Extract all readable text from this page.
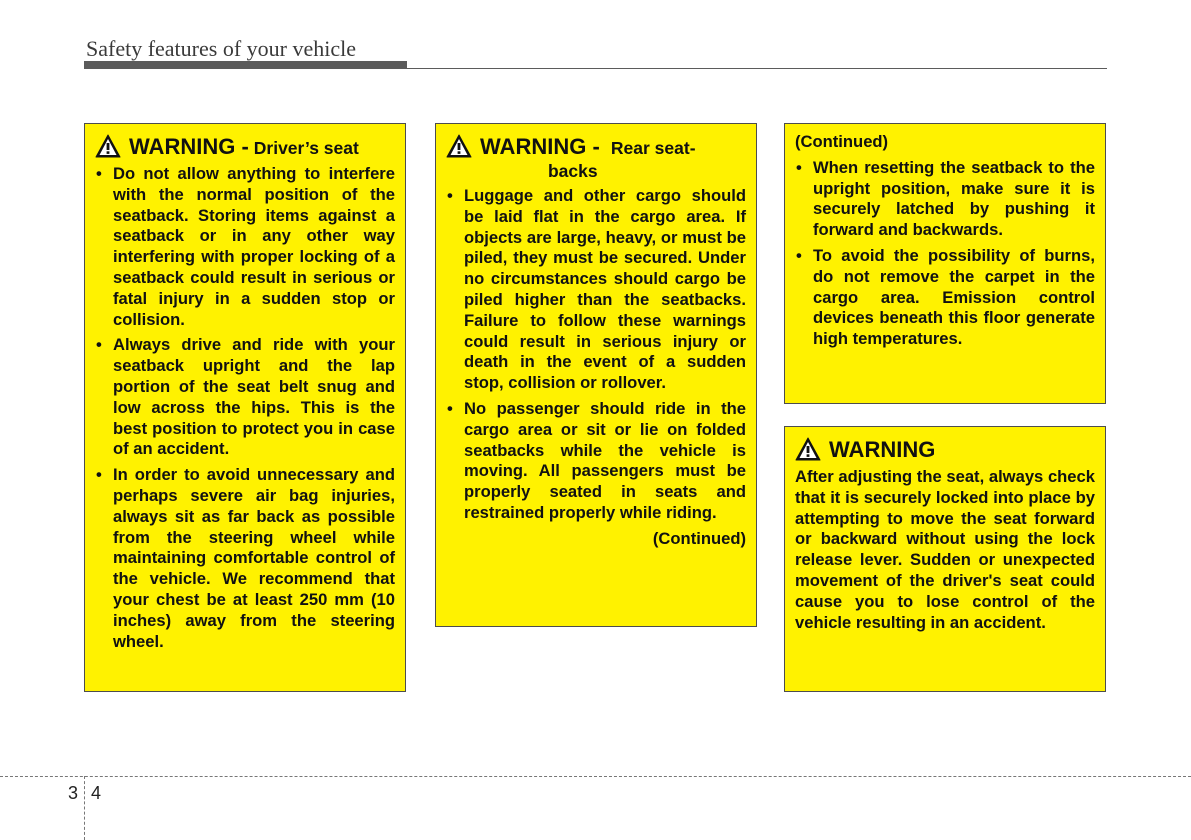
Safety features of your vehicle
WARNING - Driver’s seat
• Do not allow anything to interfere with the normal position of the seatback. Storing items against a seatback or in any other way interfering with proper locking of a seatback could result in serious or fatal injury in a sudden stop or collision.
• Always drive and ride with your seatback upright and the lap portion of the seat belt snug and low across the hips. This is the best position to protect you in case of an accident.
• In order to avoid unnecessary and perhaps severe air bag injuries, always sit as far back as possible from the steering wheel while maintaining comfortable control of the vehicle. We recommend that your chest be at least 250 mm (10 inches) away from the steering wheel.
WARNING - Rear seat-
backs
• Luggage and other cargo should be laid flat in the cargo area. If objects are large, heavy, or must be piled, they must be secured. Under no circumstances should cargo be piled higher than the seatbacks. Failure to follow these warnings could result in serious injury or death in the event of a sudden stop, collision or rollover.
• No passenger should ride in the cargo area or sit or lie on folded seatbacks while the vehicle is moving. All passengers must be properly seated in seats and restrained properly while riding.
(Continued)
(Continued)
• When resetting the seatback to the upright position, make sure it is securely latched by pushing it forward and backwards.
• To avoid the possibility of burns, do not remove the carpet in the cargo area. Emission control devices beneath this floor generate high temperatures.
WARNING
After adjusting the seat, always check that it is securely locked into place by attempting to move the seat forward or backward without using the lock release lever. Sudden or unexpected movement of the driver's seat could cause you to lose control of the vehicle resulting in an accident.
3 4
